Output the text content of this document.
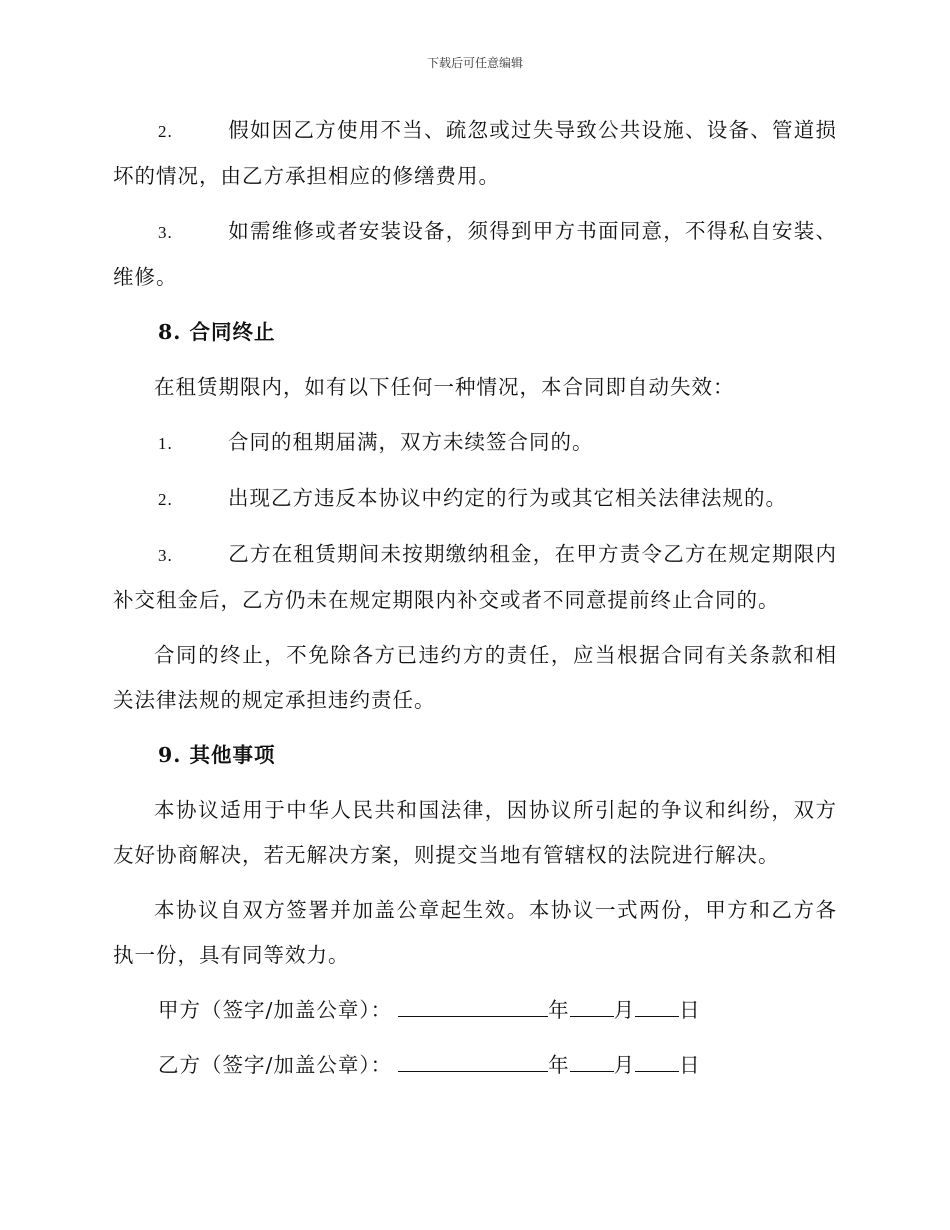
下载后可任意编辑

2.	假如因乙方使用不当、疏忽或过失导致公共设施、设备、管道损坏的情况，由乙方承担相应的修缮费用。

3.	如需维修或者安装设备，须得到甲方书面同意，不得私自安装、维修。

8. 合同终止

在租赁期限内，如有以下任何一种情况，本合同即自动失效：

1.	合同的租期届满，双方未续签合同的。

2.	出现乙方违反本协议中约定的行为或其它相关法律法规的。

3.	乙方在租赁期间未按期缴纳租金，在甲方责令乙方在规定期限内补交租金后，乙方仍未在规定期限内补交或者不同意提前终止合同的。

合同的终止，不免除各方已违约方的责任，应当根据合同有关条款和相关法律法规的规定承担违约责任。

9. 其他事项

本协议适用于中华人民共和国法律，因协议所引起的争议和纠纷，双方友好协商解决，若无解决方案，则提交当地有管辖权的法院进行解决。

本协议自双方签署并加盖公章起生效。本协议一式两份，甲方和乙方各执一份，具有同等效力。

甲方（签字/加盖公章）：	年 月 日

乙方（签字/加盖公章）：	年 月 日
